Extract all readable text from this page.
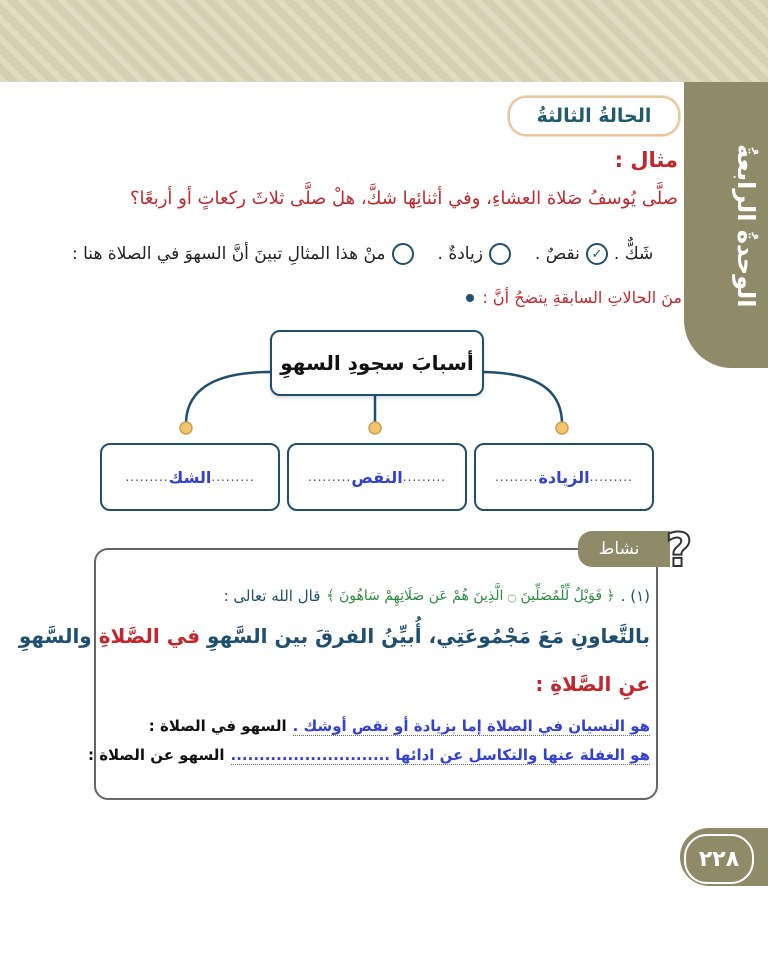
الوحدةُ الرابعةُ
الحالةُ الثالثةُ
مثال :
صلَّى يُوسفُ صَلاة العشاءِ، وفي أثنائِها شكَّ، هلْ صلَّى ثلاثَ ركعاتٍ أو أربعًا؟
منْ هذا المثالِ تبينَ أنَّ السهوَ في الصلاة هنا :	زيادةٌ .	نقصٌ . ✓ شَكٌّ .
منَ الحالاتِ السابقةِ يتضحُ أنَّ :
أسبابَ سجودِ السهوِ
.........
الزيادة
.........
.........
النقص
.........
.........
الشك
.........
نشاط ?
قال الله تعالى : ﴿ فَوَيْلٌ لِّلْمُصَلِّينَ ۝ الَّذِينَ هُمْ عَن صَلَاتِهِمْ سَاهُونَ ﴾ (١) .
بالتَّعاونِ مَعَ مَجْمُوعَتِي، أُبيِّنُ الفرقَ بين السَّهوِ في الصَّلاةِ والسَّهوِ
عنِ الصَّلاةِ :
السهو في الصلاة : هو النسيان في الصلاة إما بزيادة أو نقص أوشك .
السهو عن الصلاة : هو الغفلة عنها والتكاسل عن ادائها ............................
٢٢٨
